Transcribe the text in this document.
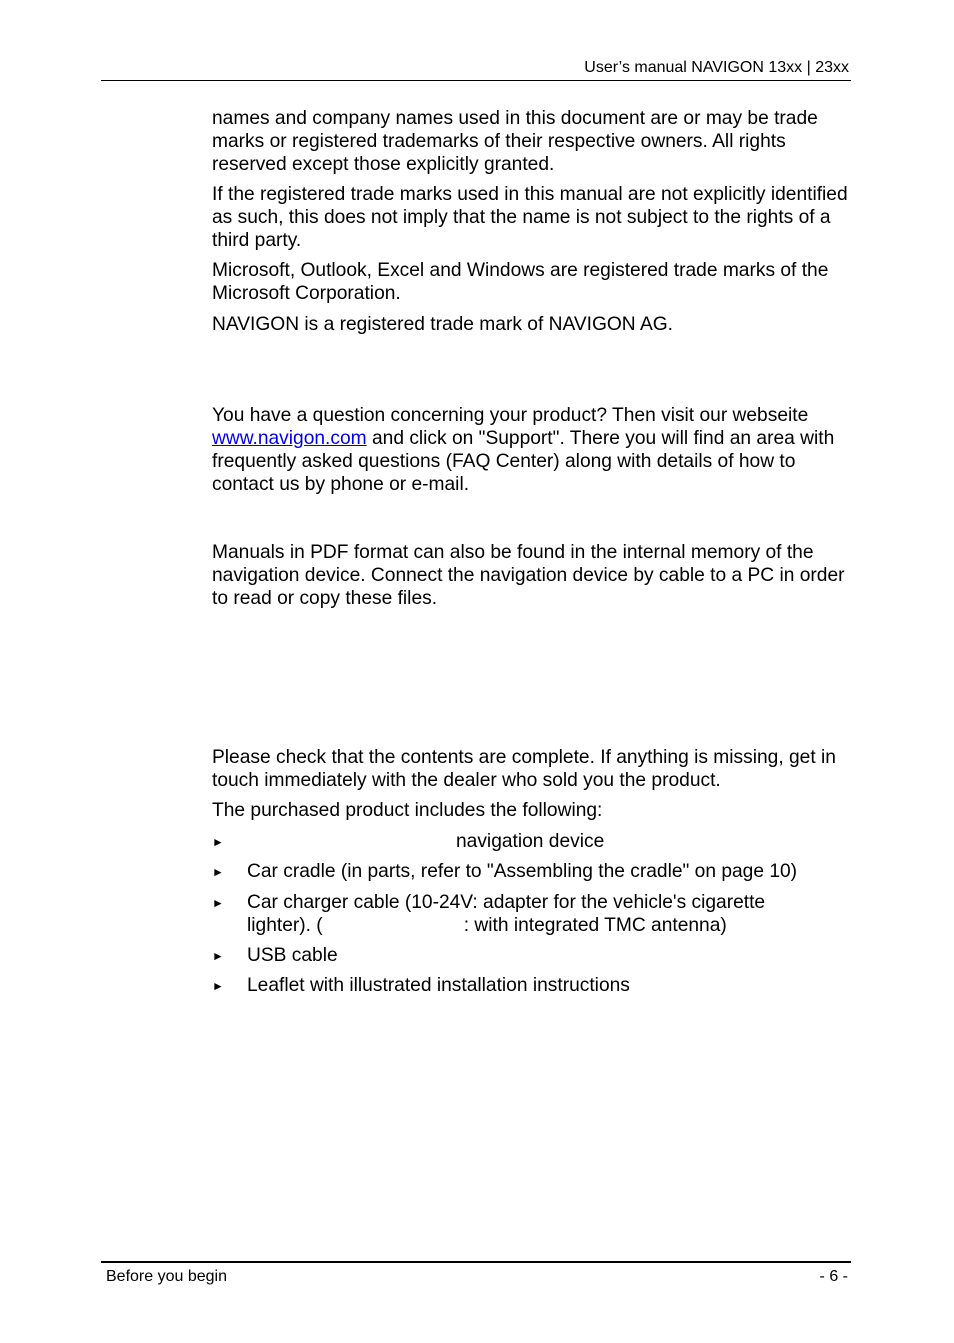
User’s manual NAVIGON 13xx | 23xx

names and company names used in this document are or may be trade marks or registered trademarks of their respective owners. All rights reserved except those explicitly granted.

If the registered trade marks used in this manual are not explicitly identified as such, this does not imply that the name is not subject to the rights of a third party.

Microsoft, Outlook, Excel and Windows are registered trade marks of the Microsoft Corporation.

NAVIGON is a registered trade mark of NAVIGON AG.

You have a question concerning your product? Then visit our webseite
www.navigon.com and click on "Support". There you will find an area with frequently asked questions (FAQ Center) along with details of how to contact us by phone or e-mail.

Manuals in PDF format can also be found in the internal memory of the navigation device. Connect the navigation device by cable to a PC in order to read or copy these files.

Please check that the contents are complete. If anything is missing, get in touch immediately with the dealer who sold you the product.

The purchased product includes the following:

►	navigation device
► Car cradle (in parts, refer to "Assembling the cradle" on page 10)
► Car charger cable (10-24V: adapter for the vehicle's cigarette
lighter). (	: with integrated TMC antenna)
► USB cable
► Leaflet with illustrated installation instructions
Before you begin	- 6 -
